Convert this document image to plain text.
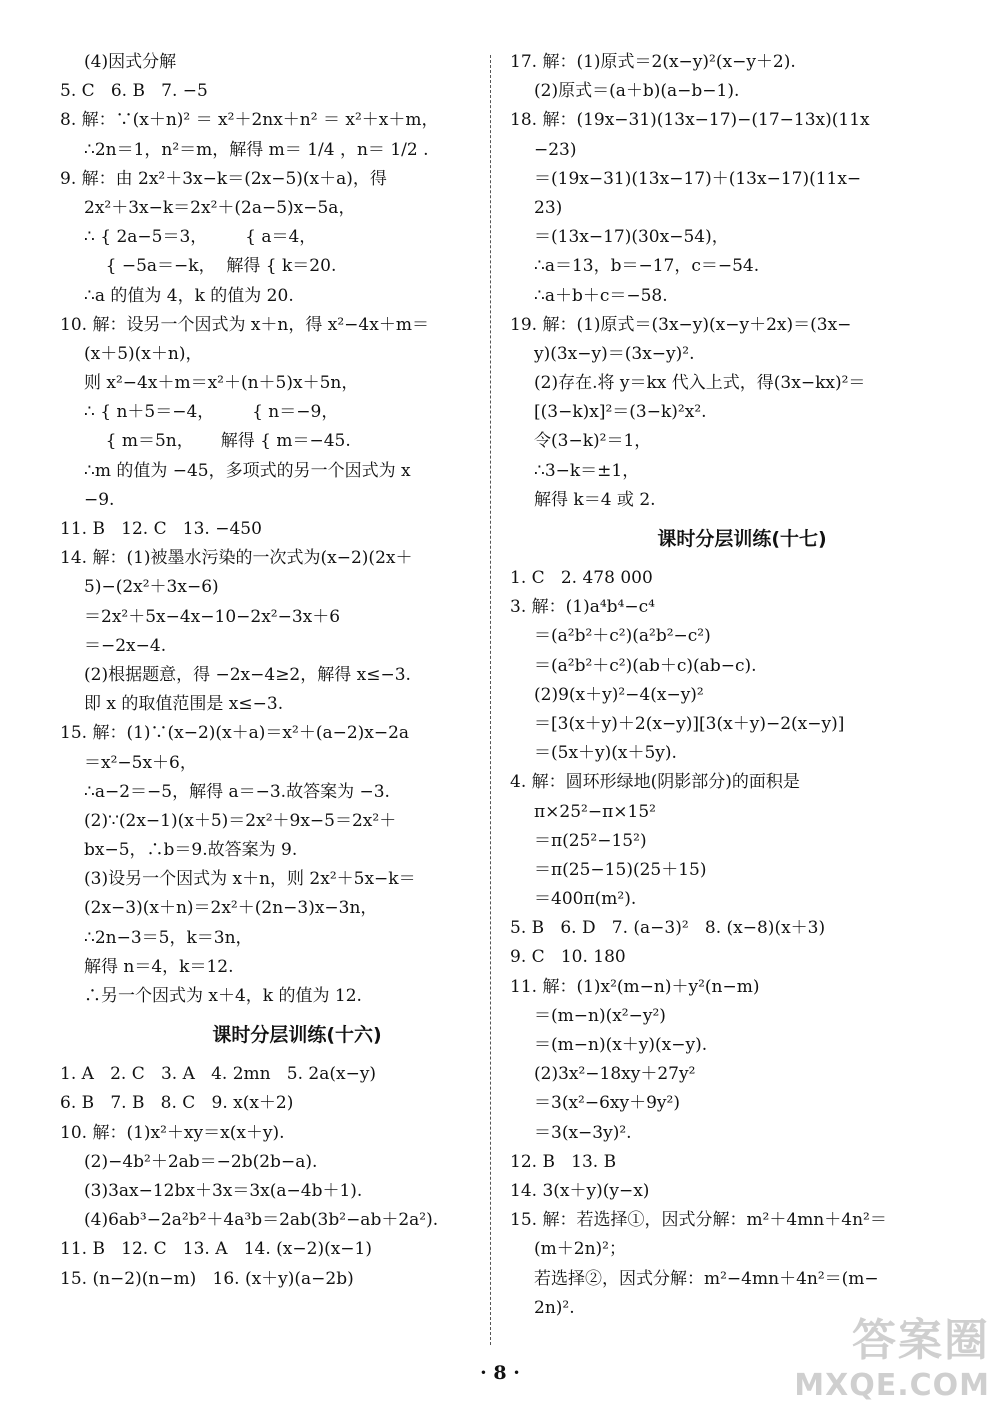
(4)因式分解
5. C   6. B   7. −5
8. 解：∵(x＋n)² ＝ x²＋2nx＋n² ＝ x²＋x＋m，
∴2n＝1，n²＝m，解得 m＝ 1/4 ，n＝ 1/2 .
9. 解：由 2x²＋3x−k＝(2x−5)(x＋a)，得
2x²＋3x−k＝2x²＋(2a−5)x−5a，
∴ { 2a−5＝3，       { a＝4，
{ −5a＝−k，  解得 { k＝20.
∴a 的值为 4，k 的值为 20.
10. 解：设另一个因式为 x＋n，得 x²−4x＋m＝
(x＋5)(x＋n)，
则 x²−4x＋m＝x²＋(n＋5)x＋5n，
∴ { n＋5＝−4，       { n＝−9，
{ m＝5n，     解得 { m＝−45.
∴m 的值为 −45，多项式的另一个因式为 x
−9.
11. B   12. C   13. −450
14. 解：(1)被墨水污染的一次式为(x−2)(2x＋
5)−(2x²＋3x−6)
＝2x²＋5x−4x−10−2x²−3x＋6
＝−2x−4.
(2)根据题意，得 −2x−4≥2，解得 x≤−3.
即 x 的取值范围是 x≤−3.
15. 解：(1)∵(x−2)(x＋a)＝x²＋(a−2)x−2a
＝x²−5x＋6，
∴a−2＝−5，解得 a＝−3.故答案为 −3.
(2)∵(2x−1)(x＋5)＝2x²＋9x−5＝2x²＋
bx−5，∴b＝9.故答案为 9.
(3)设另一个因式为 x＋n，则 2x²＋5x−k＝
(2x−3)(x＋n)＝2x²＋(2n−3)x−3n，
∴2n−3＝5，k＝3n，
解得 n＝4，k＝12.
∴另一个因式为 x＋4，k 的值为 12.
课时分层训练(十六)
1. A   2. C   3. A   4. 2mn   5. 2a(x−y)
6. B   7. B   8. C   9. x(x＋2)
10. 解：(1)x²＋xy＝x(x＋y).
(2)−4b²＋2ab＝−2b(2b−a).
(3)3ax−12bx＋3x＝3x(a−4b＋1).
(4)6ab³−2a²b²＋4a³b＝2ab(3b²−ab＋2a²).
11. B   12. C   13. A   14. (x−2)(x−1)
15. (n−2)(n−m)   16. (x＋y)(a−2b)
17. 解：(1)原式＝2(x−y)²(x−y＋2).
(2)原式＝(a＋b)(a−b−1).
18. 解：(19x−31)(13x−17)−(17−13x)(11x
−23)
＝(19x−31)(13x−17)＋(13x−17)(11x−
23)
＝(13x−17)(30x−54)，
∴a＝13，b＝−17，c＝−54.
∴a＋b＋c＝−58.
19. 解：(1)原式＝(3x−y)(x−y＋2x)＝(3x−
y)(3x−y)＝(3x−y)².
(2)存在.将 y＝kx 代入上式，得(3x−kx)²＝
[(3−k)x]²＝(3−k)²x².
令(3−k)²＝1，
∴3−k＝±1，
解得 k＝4 或 2.
课时分层训练(十七)
1. C   2. 478 000
3. 解：(1)a⁴b⁴−c⁴
＝(a²b²＋c²)(a²b²−c²)
＝(a²b²＋c²)(ab＋c)(ab−c).
(2)9(x＋y)²−4(x−y)²
＝[3(x＋y)＋2(x−y)][3(x＋y)−2(x−y)]
＝(5x＋y)(x＋5y).
4. 解：圆环形绿地(阴影部分)的面积是
π×25²−π×15²
＝π(25²−15²)
＝π(25−15)(25＋15)
＝400π(m²).
5. B   6. D   7. (a−3)²   8. (x−8)(x＋3)
9. C   10. 180
11. 解：(1)x²(m−n)＋y²(n−m)
＝(m−n)(x²−y²)
＝(m−n)(x＋y)(x−y).
(2)3x²−18xy＋27y²
＝3(x²−6xy＋9y²)
＝3(x−3y)².
12. B   13. B
14. 3(x＋y)(y−x)
15. 解：若选择①，因式分解：m²＋4mn＋4n²＝
(m＋2n)²；
若选择②，因式分解：m²−4mn＋4n²＝(m−
2n)².
· 8 ·
答案圈
MXQE.COM
